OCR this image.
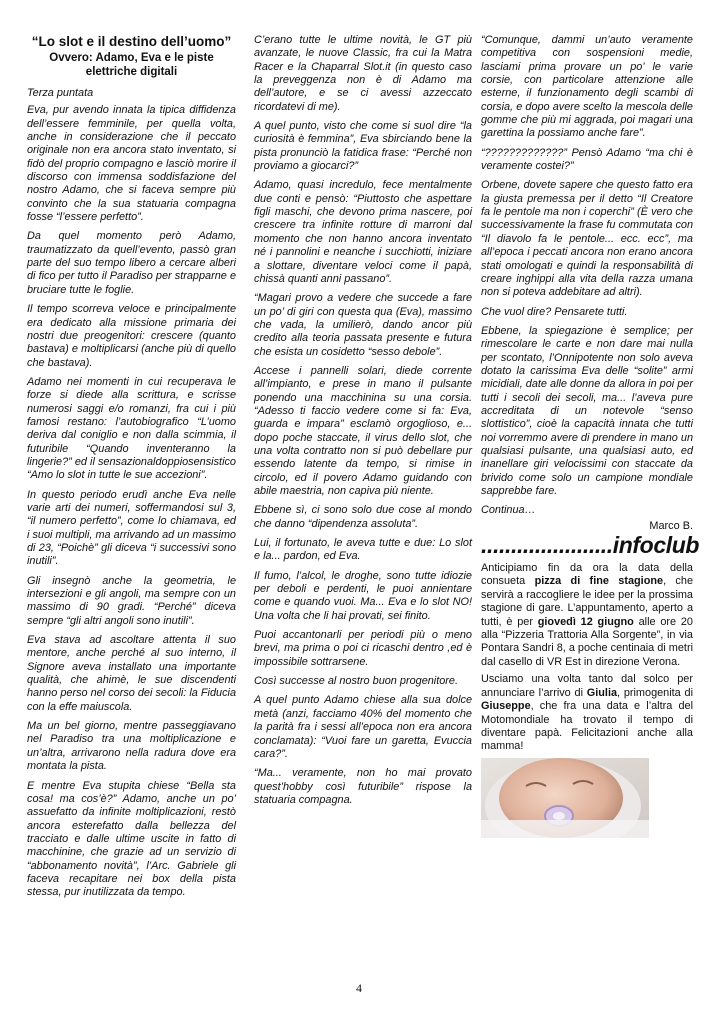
“Lo slot e il destino dell’uomo”
Ovvero: Adamo, Eva e le piste elettriche digitali

Terza puntata

Eva, pur avendo innata la tipica diffidenza dell’essere femminile, per quella volta, anche in considerazione che il peccato originale non era ancora stato inventato, si fidò del proprio compagno e lasciò morire il discorso con immensa soddisfazione del nostro Adamo, che si faceva sempre più convinto che la sua statuaria compagna fosse “l’essere perfetto”.

Da quel momento però Adamo, traumatizzato da quell’evento, passò gran parte del suo tempo libero a cercare alberi di fico per tutto il Paradiso per strapparne e bruciare tutte le foglie.

Il tempo scorreva veloce e principalmente era dedicato alla missione primaria dei nostri due preogenitori: crescere (quanto bastava) e moltiplicarsi (anche più di quello che bastava).

Adamo nei momenti in cui recuperava le forze si diede alla scrittura, e scrisse numerosi saggi e/o romanzi, fra cui i più famosi restano: l’autobiografico “L’uomo deriva dal coniglio e non dalla scimmia, il futuribile “Quando inventeranno la lingerie?” ed il sensazionaldoppiosensistico “Amo lo slot in tutte le sue accezioni”.

In questo periodo erudì anche Eva nelle varie arti dei numeri, soffermandosi sul 3, “il numero perfetto”, come lo chiamava, ed i suoi multipli, ma arrivando ad un massimo di 23, “Poichè” gli diceva “i successivi sono inutili”.

Gli insegnò anche la geometria, le intersezioni e gli angoli, ma sempre con un massimo di 90 gradi. “Perché” diceva sempre “gli altri angoli sono inutili”.

Eva stava ad ascoltare attenta il suo mentore, anche perché al suo interno, il Signore aveva installato una importante qualità, che ahimè, le sue discendenti hanno perso nel corso dei secoli: la Fiducia con la effe maiuscola.

Ma un bel giorno, mentre passeggiavano nel Paradiso tra una moltiplicazione e un’altra, arrivarono nella radura dove era montata la pista.

E mentre Eva stupita chiese “Bella sta cosa! ma cos’è?” Adamo, anche un po’ assuefatto da infinite moltiplicazioni, restò ancora esterefatto dalla bellezza del tracciato e dalle ultime uscite in fatto di macchinine, che grazie ad un servizio di “abbonamento novità”, l’Arc. Gabriele gli faceva recapitare nei box della pista stessa, pur inutilizzata da tempo.

C’erano tutte le ultime novità, le GT più avanzate, le nuove Classic, fra cui la Matra Racer e la Chaparral Slot.it (in questo caso la preveggenza non è di Adamo ma dell’autore, e se ci avessi azzeccato ricordatevi di me).

A quel punto, visto che come si suol dire “la curiosità è femmina”, Eva sbirciando bene la pista pronunciò la fatidica frase: “Perché non proviamo a giocarci?”

Adamo, quasi incredulo, fece mentalmente due conti e pensò: “Piuttosto che aspettare figli maschi, che devono prima nascere, poi crescere tra infinite rotture di marroni dal momento che non hanno ancora inventato né i pannolini e neanche i succhiotti, iniziare a slottare, diventare veloci come il papà, chissà quanti anni passano”.

“Magari provo a vedere che succede a fare un po’ di giri con questa qua (Eva), massimo che vada, la umilierò, dando ancor più credito alla teoria passata presente e futura che esista un cosidetto “sesso debole”.

Accese i pannelli solari, diede corrente all’impianto, e prese in mano il pulsante ponendo una macchinina su una corsia. “Adesso ti faccio vedere come si fa: Eva, guarda e impara” esclamò orgoglioso, e... dopo poche staccate, il virus dello slot, che una volta contratto non si può debellare pur essendo latente da tempo, si rimise in circolo, ed il povero Adamo guidando con abile maestria, non capiva più niente.

Ebbene sì, ci sono solo due cose al mondo che danno “dipendenza assoluta”.

Lui, il fortunato, le aveva tutte e due: Lo slot e la... pardon, ed Eva.

Il fumo, l’alcol, le droghe, sono tutte idiozie per deboli e perdenti, le puoi annientare come e quando vuoi. Ma... Eva e lo slot NO! Una volta che li hai provati, sei finito.

Puoi accantonarli per periodi più o meno brevi, ma prima o poi ci ricaschi dentro ,ed è impossibile sottrarsene.

Così successe al nostro buon progenitore.

A quel punto Adamo chiese alla sua dolce metà (anzi, facciamo 40% del momento che la parità fra i sessi all’epoca non era ancora conclamata): “Vuoi fare un garetta, Evuccia cara?”.

“Ma... veramente, non ho mai provato quest’hobby così futuribile” rispose la statuaria compagna.

“Comunque, dammi un’auto veramente competitiva con sospensioni medie, lasciami prima provare un po’ le varie corsie, con particolare attenzione alle esterne, il funzionamento degli scambi di corsia, e dopo avere scelto la mescola delle gomme che più mi aggrada, poi magari una garettina la possiamo anche fare”.

“?????????????” Pensò Adamo “ma chi è veramente costei?”

Orbene, dovete sapere che questo fatto era la giusta premessa per il detto “Il Creatore fa le pentole ma non i coperchi” (È vero che successivamente la frase fu commutata con “Il diavolo fa le pentole... ecc. ecc”, ma all’epoca i peccati ancora non erano ancora stati omologati e quindi la responsabilità di creare inghippi alla vita della razza umana non si poteva addebitare ad altri).

Che vuol dire? Pensarete tutti.

Ebbene, la spiegazione è semplice; per rimescolare le carte e non dare mai nulla per scontato, l’Onnipotente non solo aveva dotato la carissima Eva delle “solite” armi micidiali, date alle donne da allora in poi per tutti i secoli dei secoli, ma... l’aveva pure accreditata di un notevole “senso slottistico”, cioè la capacità innata che tutti noi vorremmo avere di prendere in mano un qualsiasi pulsante, una qualsiasi auto, ed inanellare giri velocissimi con staccate da brivido come solo un campione mondiale sapprebbe fare.

Continua…

Marco B.
......................infoclub

Anticipiamo fin da ora la data della consueta pizza di fine stagione, che servirà a raccogliere le idee per la prossima stagione di gare. L’appuntamento, aperto a tutti, è per giovedì 12 giugno alle ore 20 alla “Pizzeria Trattoria Alla Sorgente”, in via Pontara Sandri 8, a poche centinaia di metri dal casello di VR Est in direzione Verona.

Usciamo una volta tanto dal solco per annunciare l’arrivo di Giulia, primogenita di Giuseppe, che fra una data e l’altra del Motomondiale ha trovato il tempo di diventare papà. Felicitazioni anche alla mamma!

4
